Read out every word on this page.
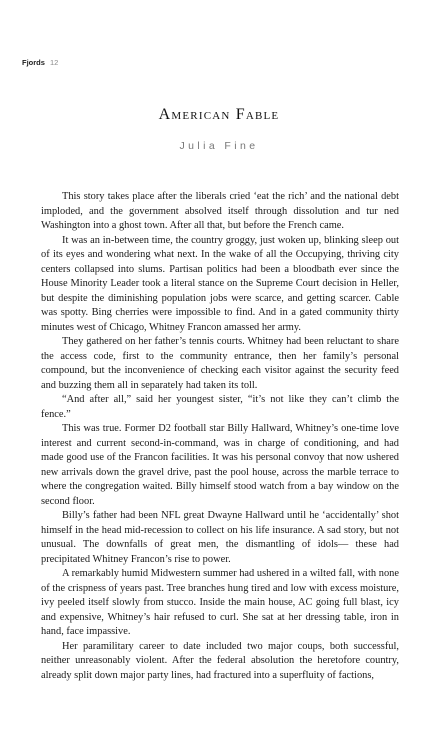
Fjords 12
American Fable
Julia Fine

This story takes place after the liberals cried ‘eat the rich’ and the national debt imploded, and the government absolved itself through dissolution and tur ned Washington into a ghost town. After all that, but before the French came.

It was an in-between time, the country groggy, just woken up, blinking sleep out of its eyes and wondering what next. In the wake of all the Occupying, thriving city centers collapsed into slums. Partisan politics had been a bloodbath ever since the House Minority Leader took a literal stance on the Supreme Court decision in Heller, but despite the diminishing population jobs were scarce, and getting scarcer. Cable was spotty. Bing cherries were impossible to find. And in a gated community thirty minutes west of Chicago, Whitney Francon amassed her army.

They gathered on her father’s tennis courts. Whitney had been reluctant to share the access code, first to the community entrance, then her family’s personal compound, but the inconvenience of checking each visitor against the security feed and buzzing them all in separately had taken its toll.

“And after all,” said her youngest sister, “it’s not like they can’t climb the fence.”

This was true. Former D2 football star Billy Hallward, Whitney’s one-time love interest and current second-in-command, was in charge of conditioning, and had made good use of the Francon facilities. It was his personal convoy that now ushered new arrivals down the gravel drive, past the pool house, across the marble terrace to where the congregation waited. Billy himself stood watch from a bay window on the second floor.

Billy’s father had been NFL great Dwayne Hallward until he ‘accidentally’ shot himself in the head mid-recession to collect on his life insurance. A sad story, but not unusual. The downfalls of great men, the dismantling of idols— these had precipitated Whitney Francon’s rise to power.

A remarkably humid Midwestern summer had ushered in a wilted fall, with none of the crispness of years past. Tree branches hung tired and low with excess moisture, ivy peeled itself slowly from stucco. Inside the main house, AC going full blast, icy and expensive, Whitney’s hair refused to curl. She sat at her dressing table, iron in hand, face impassive.

Her paramilitary career to date included two major coups, both successful, neither unreasonably violent. After the federal absolution the heretofore country, already split down major party lines, had fractured into a superfluity of factions,
